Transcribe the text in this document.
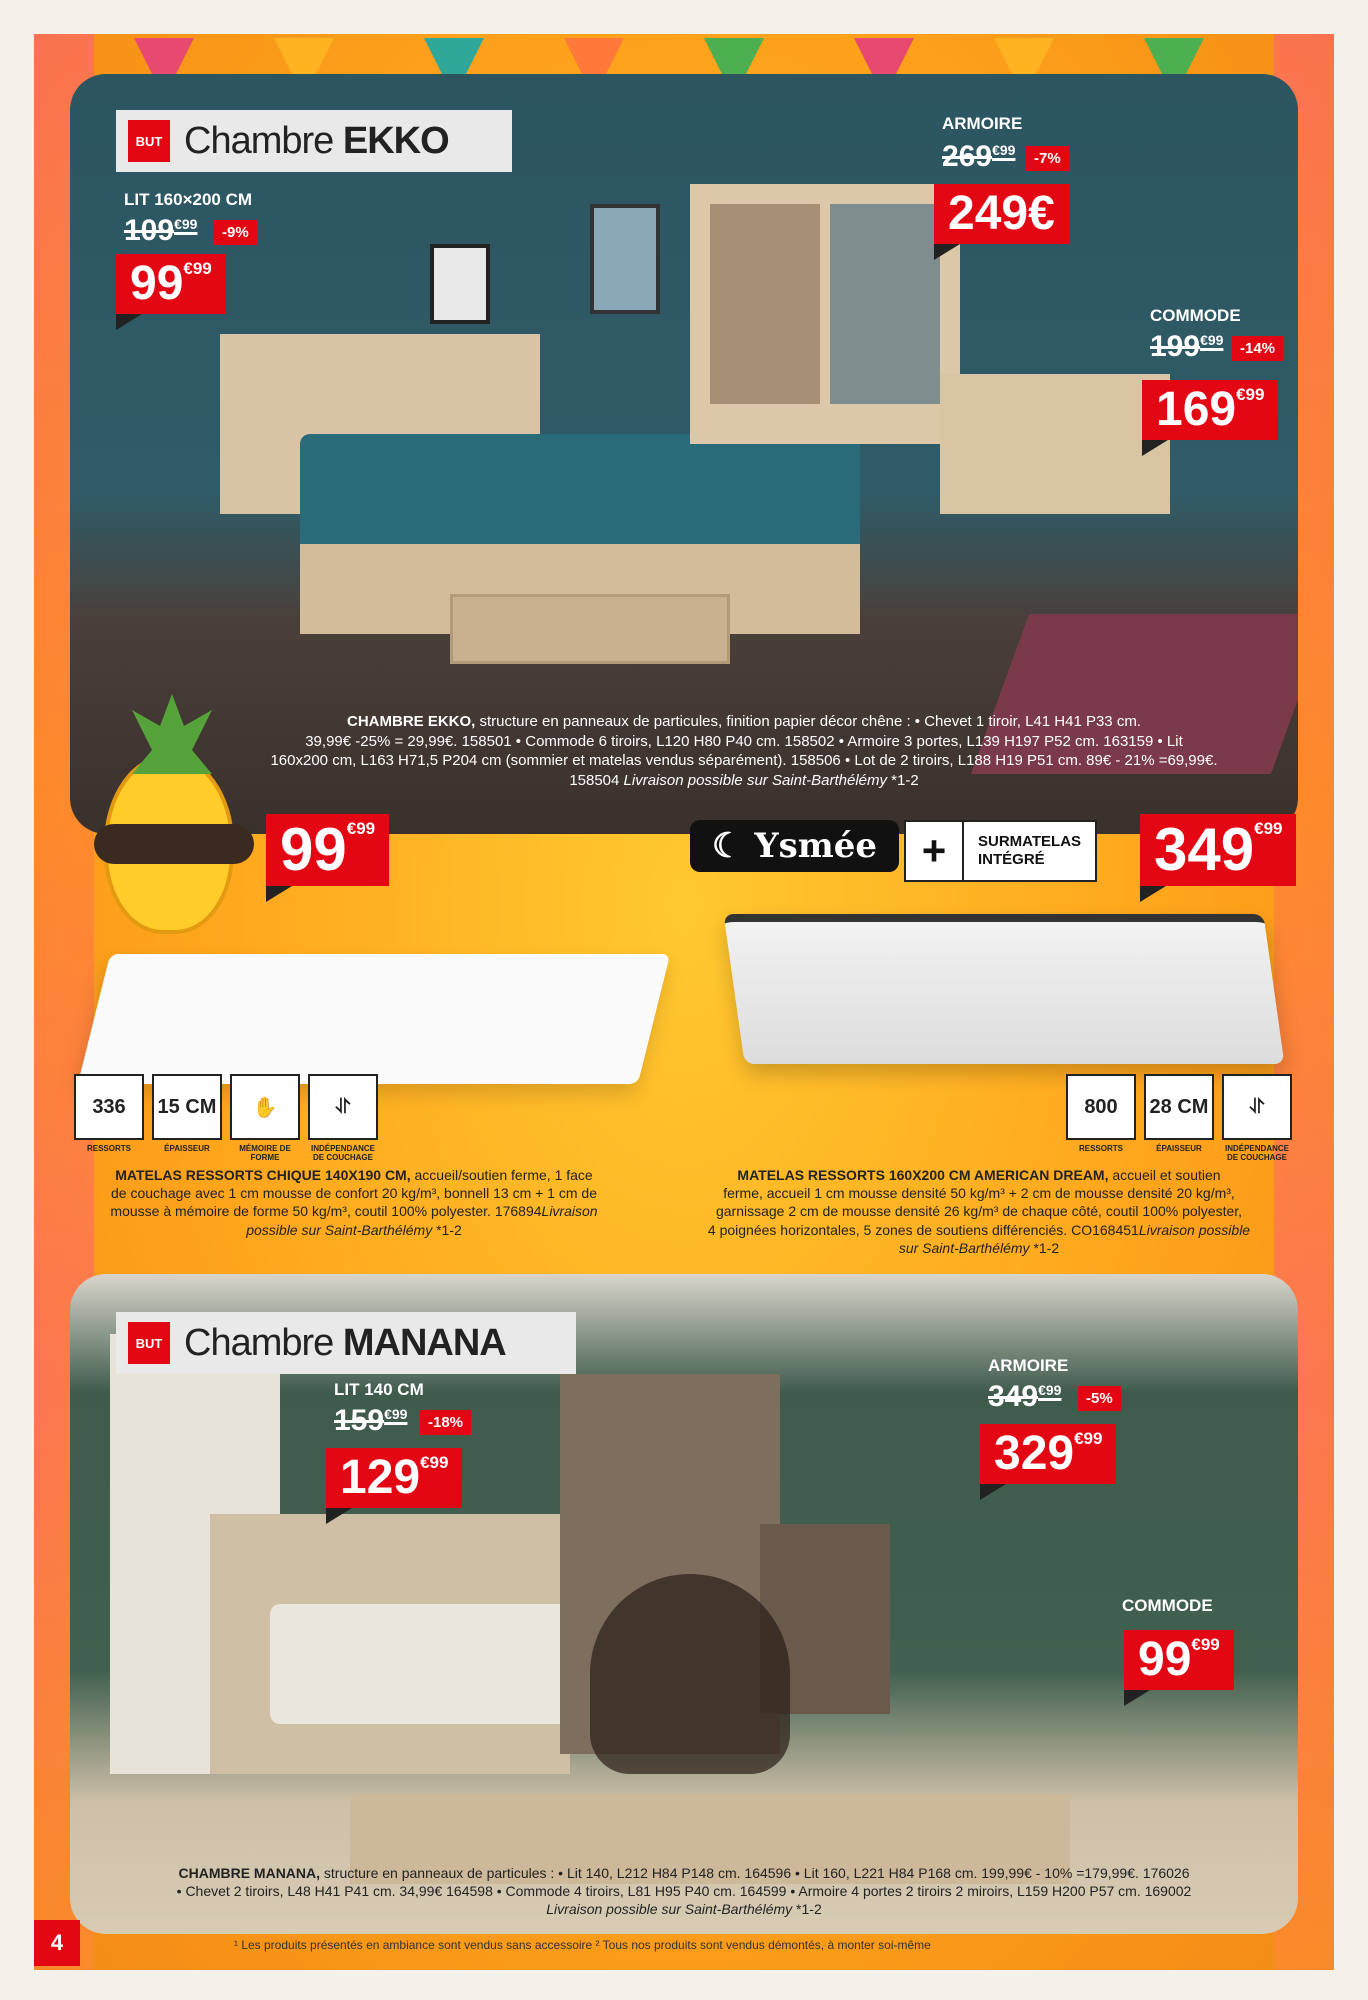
BUT Chambre EKKO
LIT 160×200 CM
$109^{€99}$	-9%
$99^{€99}$
ARMOIRE
$269^{€99}$	-7%
249€
COMMODE
$199^{€99}$	-14%
$169^{€99}$
CHAMBRE EKKO, structure en panneaux de particules, finition papier décor chêne : • Chevet 1 tiroir, L41 H41 P33 cm.
39,99€ -25% = 29,99€. 158501 • Commode 6 tiroirs, L120 H80 P40 cm. 158502 • Armoire 3 portes, L139 H197 P52 cm. 163159 • Lit
160x200 cm, L163 H71,5 P204 cm (sommier et matelas vendus séparément). 158506 • Lot de 2 tiroirs, L188 H19 P51 cm. 89€ - 21% =69,99€.
158504 Livraison possible sur Saint-Barthélémy *1-2
$99^{€99}$
336	15 CM	✋	⥯
RESSORTS	ÉPAISSEUR	MÉMOIRE DE FORME
INDÉPENDANCE DE COUCHAGE
MATELAS RESSORTS CHIQUE 140X190 CM, accueil/soutien ferme, 1 face
de couchage avec 1 cm mousse de confort 20 kg/m³, bonnell 13 cm + 1 cm de
mousse à mémoire de forme 50 kg/m³, coutil 100% polyester. 176894Livraison
possible sur Saint-Barthélémy *1-2
☾ Ysmée	+	SURMATELAS
INTÉGRÉ	$349^{€99}$
800	28 CM	⥯
RESSORTS	ÉPAISSEUR	INDÉPENDANCE DE COUCHAGE
MATELAS RESSORTS 160X200 CM AMERICAN DREAM, accueil et soutien
ferme, accueil 1 cm mousse densité 50 kg/m³ + 2 cm de mousse densité 20 kg/m³,
garnissage 2 cm de mousse densité 26 kg/m³ de chaque côté, coutil 100% polyester,
4 poignées horizontales, 5 zones de soutiens différenciés. CO168451Livraison possible
sur Saint-Barthélémy *1-2
BUT Chambre MANANA
LIT 140 CM
$159^{€99}$	-18%
$129^{€99}$
ARMOIRE
$349^{€99}$	-5%
$329^{€99}$
COMMODE
$99^{€99}$
CHAMBRE MANANA, structure en panneaux de particules : • Lit 140, L212 H84 P148 cm. 164596 • Lit 160, L221 H84 P168 cm. 199,99€ - 10% =179,99€. 176026
• Chevet 2 tiroirs, L48 H41 P41 cm. 34,99€ 164598 • Commode 4 tiroirs, L81 H95 P40 cm. 164599 • Armoire 4 portes 2 tiroirs 2 miroirs, L159 H200 P57 cm. 169002
Livraison possible sur Saint-Barthélémy *1-2
¹ Les produits présentés en ambiance sont vendus sans accessoire ² Tous nos produits sont vendus démontés, à monter soi-même
4
